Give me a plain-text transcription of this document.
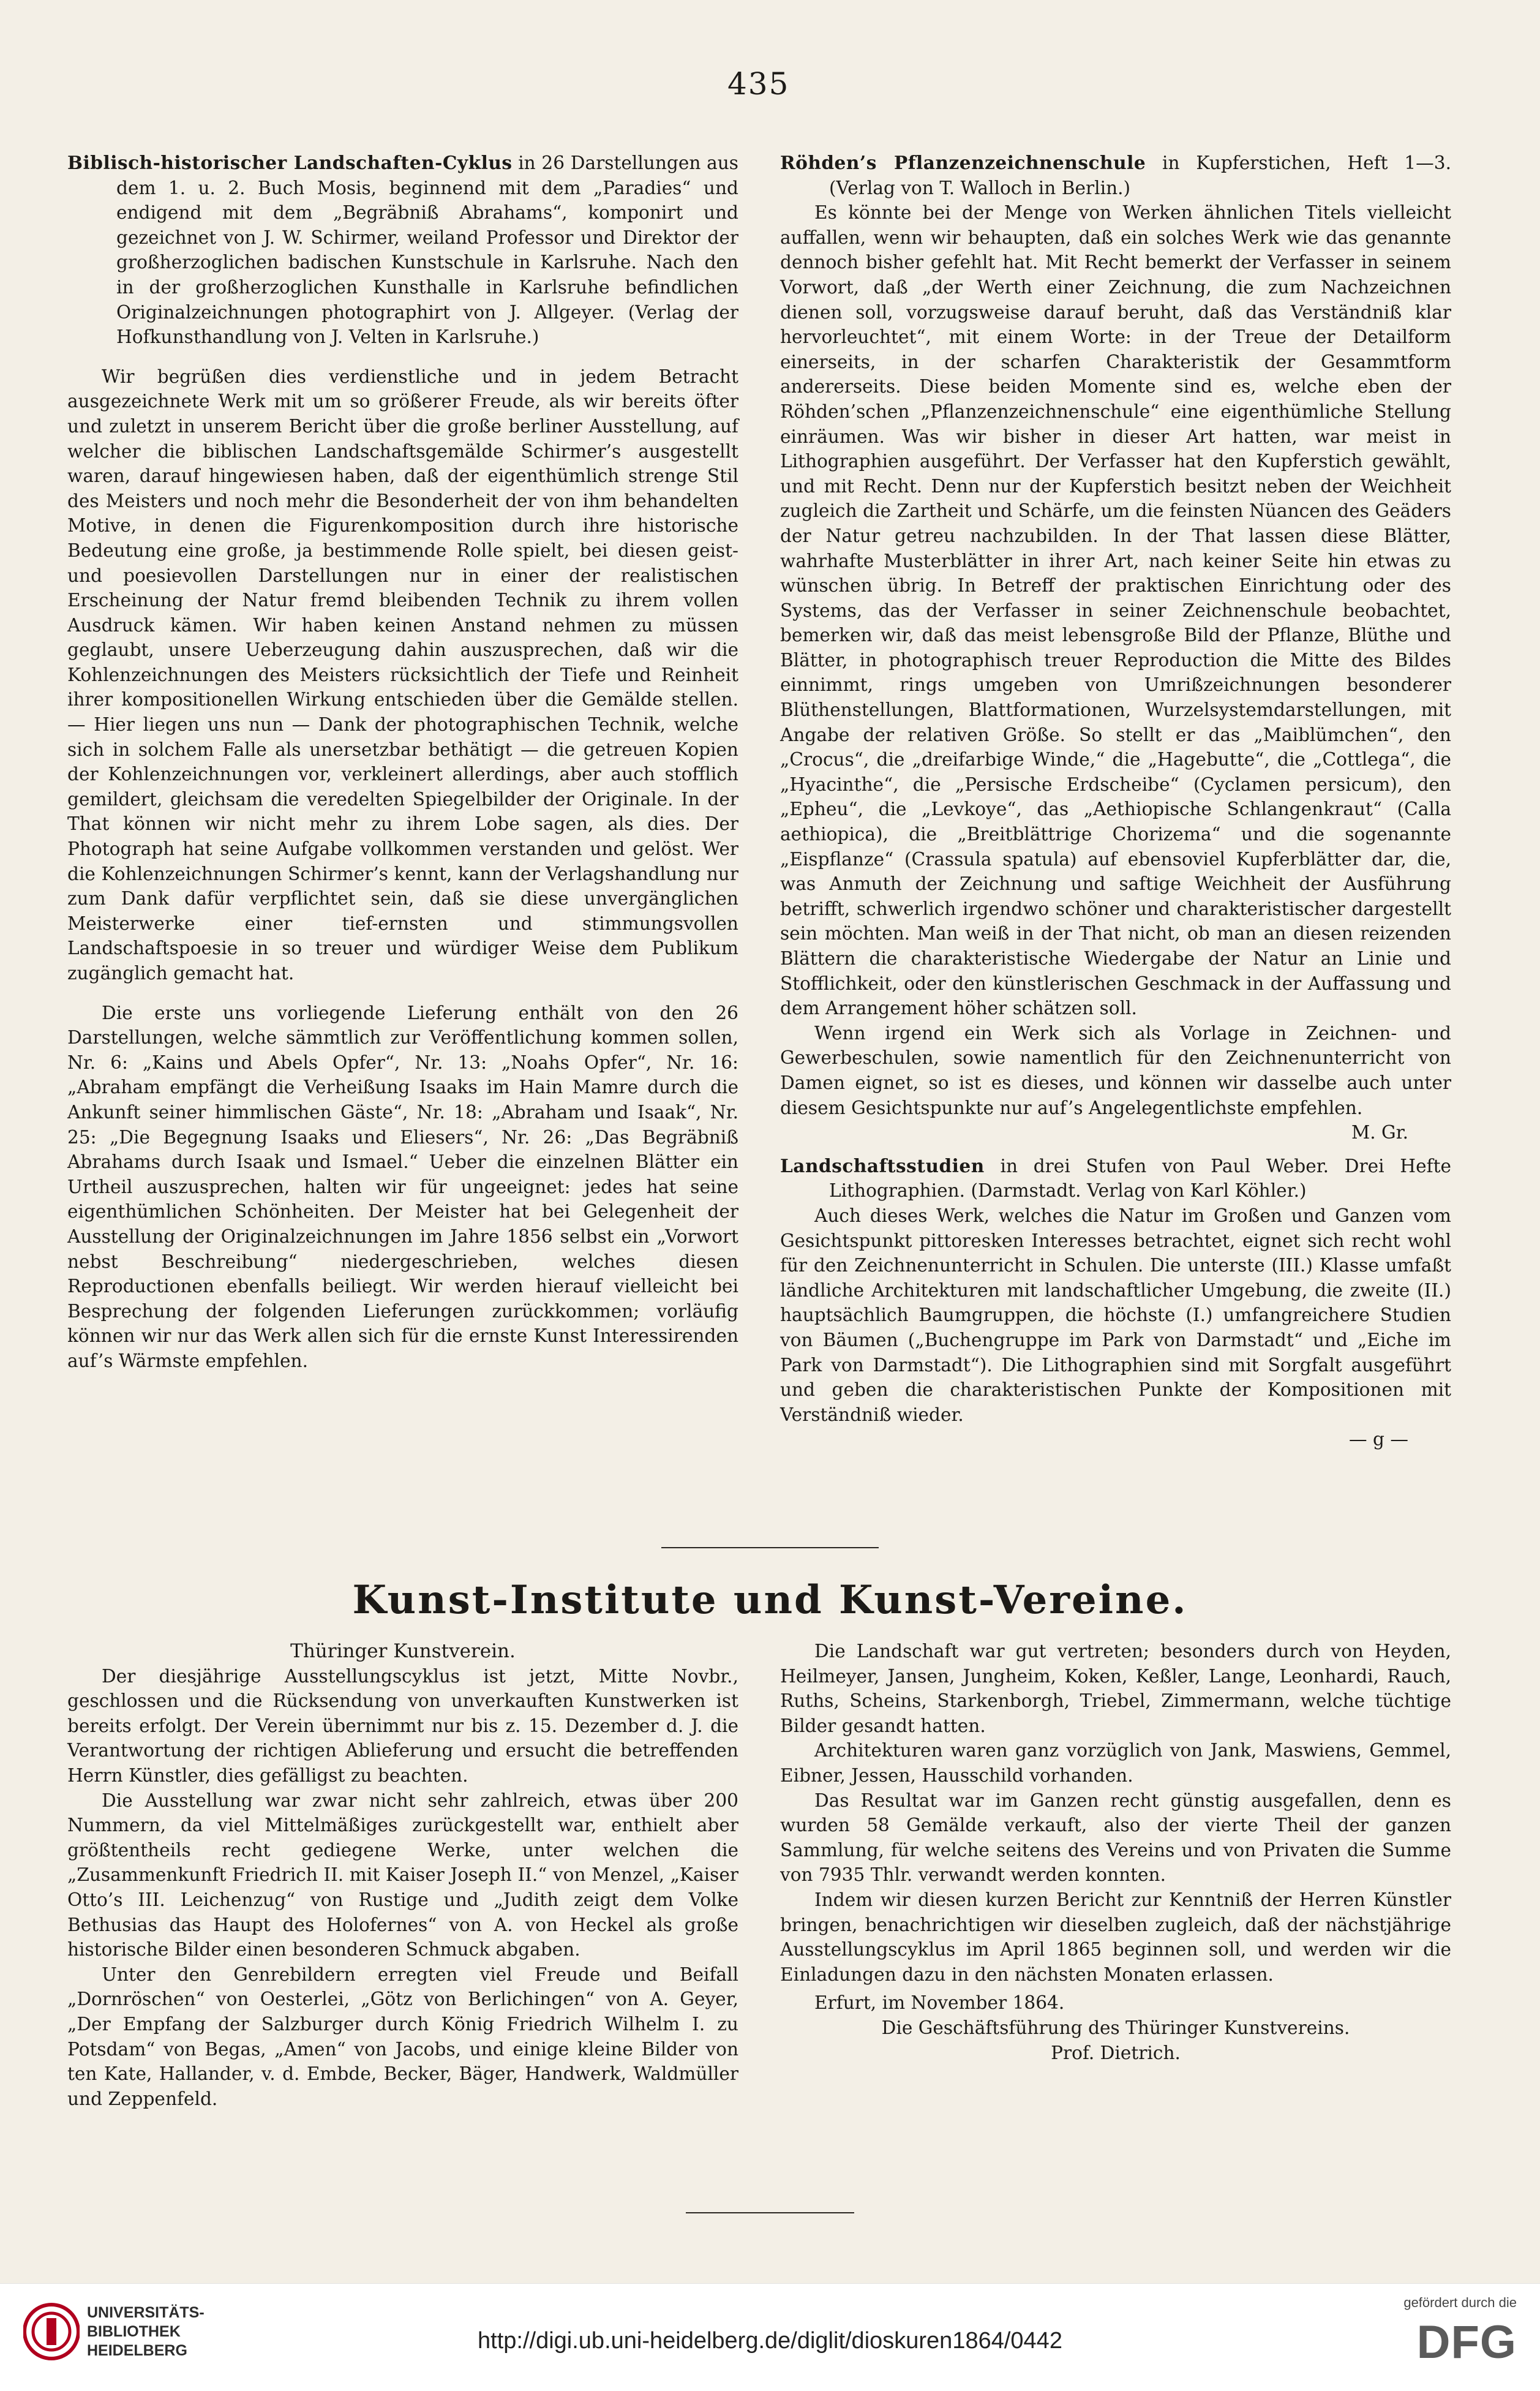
435

Biblisch-historischer Landschaften-Cyklus in 26 Darstellungen aus dem 1. u. 2. Buch Mosis, beginnend mit dem „Paradies“ und endigend mit dem „Begräbniß Abrahams“, komponirt und gezeichnet von J. W. Schirmer, weiland Professor und Direktor der großherzoglichen badischen Kunstschule in Karlsruhe. Nach den in der großherzoglichen Kunsthalle in Karlsruhe befindlichen Originalzeichnungen photographirt von J. Allgeyer. (Verlag der Hofkunsthandlung von J. Velten in Karlsruhe.)

Wir begrüßen dies verdienstliche und in jedem Betracht ausgezeichnete Werk mit um so größerer Freude, als wir bereits öfter und zuletzt in unserem Bericht über die große berliner Ausstellung, auf welcher die biblischen Landschaftsgemälde Schirmer’s ausgestellt waren, darauf hingewiesen haben, daß der eigenthümlich strenge Stil des Meisters und noch mehr die Besonderheit der von ihm behandelten Motive, in denen die Figurenkomposition durch ihre historische Bedeutung eine große, ja bestimmende Rolle spielt, bei diesen geist- und poesievollen Darstellungen nur in einer der realistischen Erscheinung der Natur fremd bleibenden Technik zu ihrem vollen Ausdruck kämen. Wir haben keinen Anstand nehmen zu müssen geglaubt, unsere Ueberzeugung dahin auszusprechen, daß wir die Kohlenzeichnungen des Meisters rücksichtlich der Tiefe und Reinheit ihrer kompositionellen Wirkung entschieden über die Gemälde stellen. — Hier liegen uns nun — Dank der photographischen Technik, welche sich in solchem Falle als unersetzbar bethätigt — die getreuen Kopien der Kohlenzeichnungen vor, verkleinert allerdings, aber auch stofflich gemildert, gleichsam die veredelten Spiegelbilder der Originale. In der That können wir nicht mehr zu ihrem Lobe sagen, als dies. Der Photograph hat seine Aufgabe vollkommen verstanden und gelöst. Wer die Kohlenzeichnungen Schirmer’s kennt, kann der Verlagshandlung nur zum Dank dafür verpflichtet sein, daß sie diese unvergänglichen Meisterwerke einer tief-ernsten und stimmungsvollen Landschaftspoesie in so treuer und würdiger Weise dem Publikum zugänglich gemacht hat.

Die erste uns vorliegende Lieferung enthält von den 26 Darstellungen, welche sämmtlich zur Veröffentlichung kommen sollen, Nr. 6: „Kains und Abels Opfer“, Nr. 13: „Noahs Opfer“, Nr. 16: „Abraham empfängt die Verheißung Isaaks im Hain Mamre durch die Ankunft seiner himmlischen Gäste“, Nr. 18: „Abraham und Isaak“, Nr. 25: „Die Begegnung Isaaks und Eliesers“, Nr. 26: „Das Begräbniß Abrahams durch Isaak und Ismael.“ Ueber die einzelnen Blätter ein Urtheil auszusprechen, halten wir für ungeeignet: jedes hat seine eigenthümlichen Schönheiten. Der Meister hat bei Gelegenheit der Ausstellung der Originalzeichnungen im Jahre 1856 selbst ein „Vorwort nebst Beschreibung“ niedergeschrieben, welches diesen Reproductionen ebenfalls beiliegt. Wir werden hierauf vielleicht bei Besprechung der folgenden Lieferungen zurückkommen; vorläufig können wir nur das Werk allen sich für die ernste Kunst Interessirenden auf’s Wärmste empfehlen.

Röhden’s Pflanzenzeichnenschule in Kupferstichen, Heft 1—3. (Verlag von T. Walloch in Berlin.)

Es könnte bei der Menge von Werken ähnlichen Titels vielleicht auffallen, wenn wir behaupten, daß ein solches Werk wie das genannte dennoch bisher gefehlt hat. Mit Recht bemerkt der Verfasser in seinem Vorwort, daß „der Werth einer Zeichnung, die zum Nachzeichnen dienen soll, vorzugsweise darauf beruht, daß das Verständniß klar hervorleuchtet“, mit einem Worte: in der Treue der Detailform einerseits, in der scharfen Charakteristik der Gesammtform andererseits. Diese beiden Momente sind es, welche eben der Röhden’schen „Pflanzenzeichnenschule“ eine eigenthümliche Stellung einräumen. Was wir bisher in dieser Art hatten, war meist in Lithographien ausgeführt. Der Verfasser hat den Kupferstich gewählt, und mit Recht. Denn nur der Kupferstich besitzt neben der Weichheit zugleich die Zartheit und Schärfe, um die feinsten Nüancen des Geäders der Natur getreu nachzubilden. In der That lassen diese Blätter, wahrhafte Musterblätter in ihrer Art, nach keiner Seite hin etwas zu wünschen übrig. In Betreff der praktischen Einrichtung oder des Systems, das der Verfasser in seiner Zeichnenschule beobachtet, bemerken wir, daß das meist lebensgroße Bild der Pflanze, Blüthe und Blätter, in photographisch treuer Reproduction die Mitte des Bildes einnimmt, rings umgeben von Umrißzeichnungen besonderer Blüthenstellungen, Blattformationen, Wurzelsystemdarstellungen, mit Angabe der relativen Größe. So stellt er das „Maiblümchen“, den „Crocus“, die „dreifarbige Winde,“ die „Hagebutte“, die „Cottlega“, die „Hyacinthe“, die „Persische Erdscheibe“ (Cyclamen persicum), den „Epheu“, die „Levkoye“, das „Aethiopische Schlangenkraut“ (Calla aethiopica), die „Breitblättrige Chorizema“ und die sogenannte „Eispflanze“ (Crassula spatula) auf ebensoviel Kupferblätter dar, die, was Anmuth der Zeichnung und saftige Weichheit der Ausführung betrifft, schwerlich irgendwo schöner und charakteristischer dargestellt sein möchten. Man weiß in der That nicht, ob man an diesen reizenden Blättern die charakteristische Wiedergabe der Natur an Linie und Stofflichkeit, oder den künstlerischen Geschmack in der Auffassung und dem Arrangement höher schätzen soll.

Wenn irgend ein Werk sich als Vorlage in Zeichnen- und Gewerbeschulen, sowie namentlich für den Zeichnenunterricht von Damen eignet, so ist es dieses, und können wir dasselbe auch unter diesem Gesichtspunkte nur auf’s Angelegentlichste empfehlen.

M. Gr.

Landschaftsstudien in drei Stufen von Paul Weber. Drei Hefte Lithographien. (Darmstadt. Verlag von Karl Köhler.)

Auch dieses Werk, welches die Natur im Großen und Ganzen vom Gesichtspunkt pittoresken Interesses betrachtet, eignet sich recht wohl für den Zeichnenunterricht in Schulen. Die unterste (III.) Klasse umfaßt ländliche Architekturen mit landschaftlicher Umgebung, die zweite (II.) hauptsächlich Baumgruppen, die höchste (I.) umfangreichere Studien von Bäumen („Buchengruppe im Park von Darmstadt“ und „Eiche im Park von Darmstadt“). Die Lithographien sind mit Sorgfalt ausgeführt und geben die charakteristischen Punkte der Kompositionen mit Verständniß wieder.

— g —

Kunst-Institute und Kunst-Vereine.

Thüringer Kunstverein.

Der diesjährige Ausstellungscyklus ist jetzt, Mitte Novbr., geschlossen und die Rücksendung von unverkauften Kunstwerken ist bereits erfolgt. Der Verein übernimmt nur bis z. 15. Dezember d. J. die Verantwortung der richtigen Ablieferung und ersucht die betreffenden Herrn Künstler, dies gefälligst zu beachten.

Die Ausstellung war zwar nicht sehr zahlreich, etwas über 200 Nummern, da viel Mittelmäßiges zurückgestellt war, enthielt aber größtentheils recht gediegene Werke, unter welchen die „Zusammenkunft Friedrich II. mit Kaiser Joseph II.“ von Menzel, „Kaiser Otto’s III. Leichenzug“ von Rustige und „Judith zeigt dem Volke Bethusias das Haupt des Holofernes“ von A. von Heckel als große historische Bilder einen besonderen Schmuck abgaben.

Unter den Genrebildern erregten viel Freude und Beifall „Dornröschen“ von Oesterlei, „Götz von Berlichingen“ von A. Geyer, „Der Empfang der Salzburger durch König Friedrich Wilhelm I. zu Potsdam“ von Begas, „Amen“ von Jacobs, und einige kleine Bilder von ten Kate, Hallander, v. d. Embde, Becker, Bäger, Handwerk, Waldmüller und Zeppenfeld.

Die Landschaft war gut vertreten; besonders durch von Heyden, Heilmeyer, Jansen, Jungheim, Koken, Keßler, Lange, Leonhardi, Rauch, Ruths, Scheins, Starkenborgh, Triebel, Zimmermann, welche tüchtige Bilder gesandt hatten.

Architekturen waren ganz vorzüglich von Jank, Maswiens, Gemmel, Eibner, Jessen, Hausschild vorhanden.

Das Resultat war im Ganzen recht günstig ausgefallen, denn es wurden 58 Gemälde verkauft, also der vierte Theil der ganzen Sammlung, für welche seitens des Vereins und von Privaten die Summe von 7935 Thlr. verwandt werden konnten.

Indem wir diesen kurzen Bericht zur Kenntniß der Herren Künstler bringen, benachrichtigen wir dieselben zugleich, daß der nächstjährige Ausstellungscyklus im April 1865 beginnen soll, und werden wir die Einladungen dazu in den nächsten Monaten erlassen.

Erfurt, im November 1864.

Die Geschäftsführung des Thüringer Kunstvereins.

Prof. Dietrich.

UNIVERSITÄTS-
BIBLIOTHEK
HEIDELBERG	http://digi.ub.uni-heidelberg.de/diglit/dioskuren1864/0442
gefördert durch die
DFG
